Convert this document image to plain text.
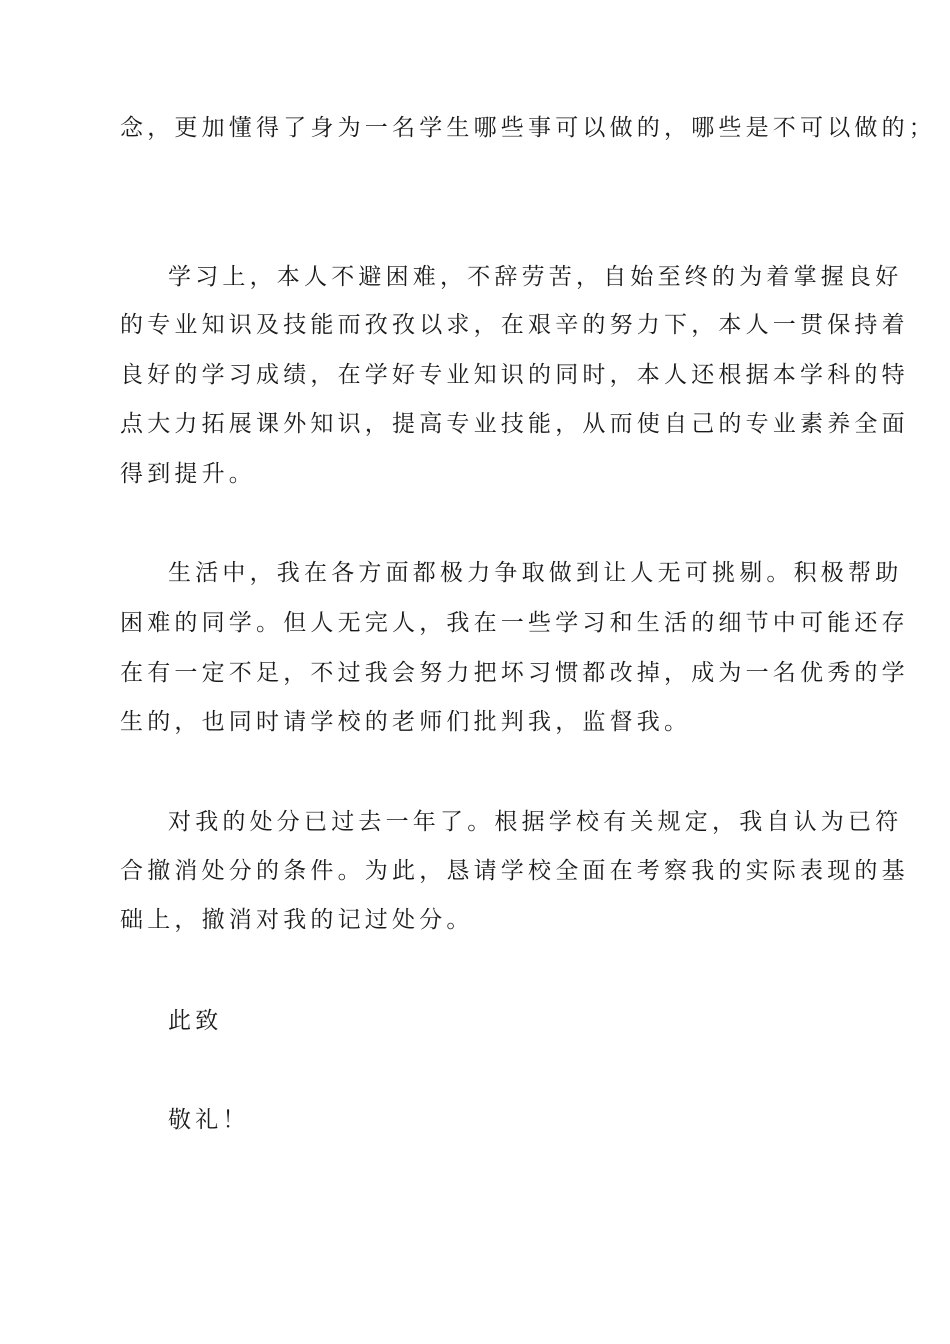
念，更加懂得了身为一名学生哪些事可以做的，哪些是不可以做的；
学习上，本人不避困难，不辞劳苦，自始至终的为着掌握良好
的专业知识及技能而孜孜以求，在艰辛的努力下，本人一贯保持着
良好的学习成绩，在学好专业知识的同时，本人还根据本学科的特
点大力拓展课外知识，提高专业技能，从而使自己的专业素养全面
得到提升。
生活中，我在各方面都极力争取做到让人无可挑剔。积极帮助
困难的同学。但人无完人，我在一些学习和生活的细节中可能还存
在有一定不足，不过我会努力把坏习惯都改掉，成为一名优秀的学
生的，也同时请学校的老师们批判我，监督我。
对我的处分已过去一年了。根据学校有关规定，我自认为已符
合撤消处分的条件。为此，恳请学校全面在考察我的实际表现的基
础上，撤消对我的记过处分。
此致
敬礼！
